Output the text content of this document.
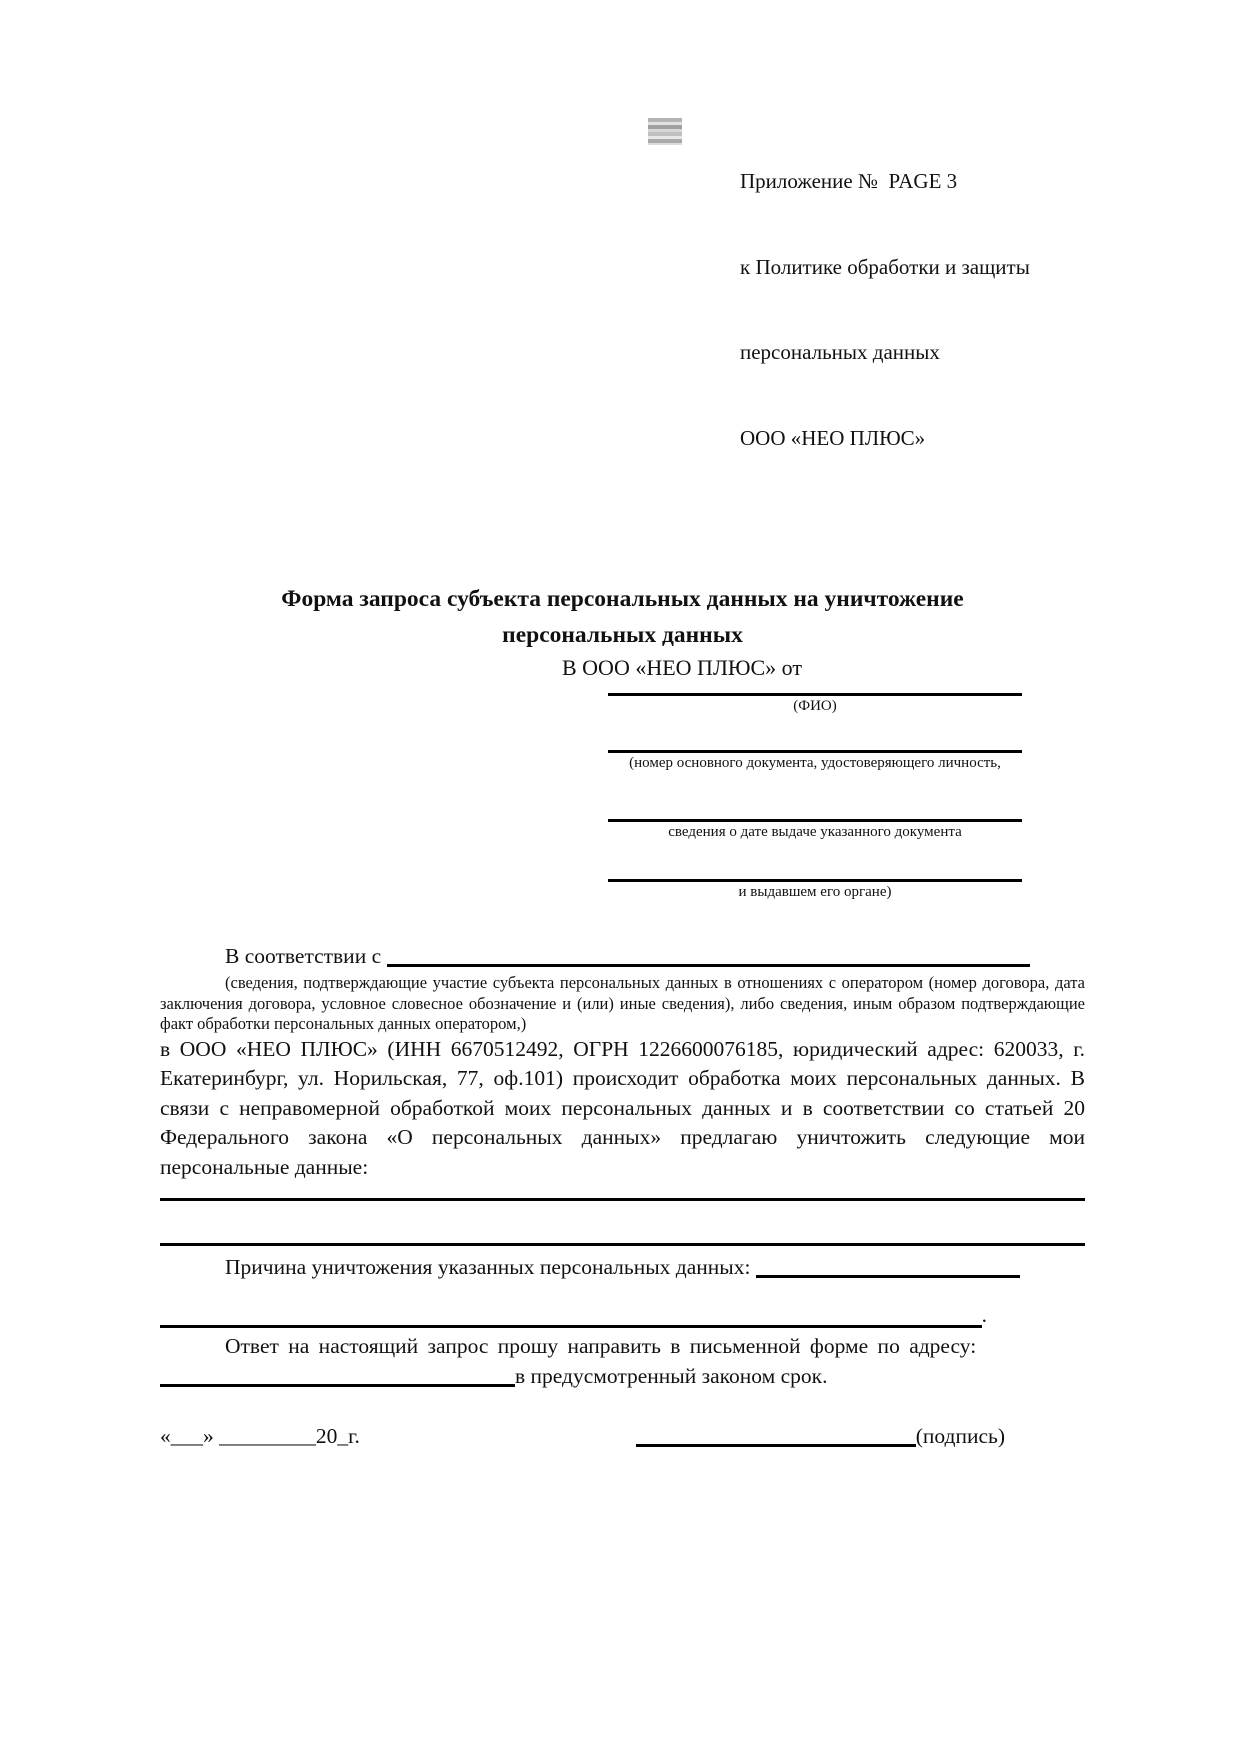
Приложение №  PAGE 3

к Политике обработки и защиты

персональных данных

ООО «НЕО ПЛЮС»

Форма запроса субъекта персональных данных на уничтожение
персональных данных
В ООО «НЕО ПЛЮС» от
(ФИО)
(номер основного документа, удостоверяющего личность,
сведения о дате выдаче указанного документа
и выдавшем его органе)
В соответствии с

(сведения, подтверждающие участие субъекта персональных данных в отношениях с оператором (номер договора, дата заключения договора, условное словесное обозначение и (или) иные сведения), либо сведения, иным образом подтверждающие факт обработки персональных данных оператором,)

в ООО «НЕО ПЛЮС» (ИНН 6670512492, ОГРН 1226600076185, юридический адрес: 620033, г. Екатеринбург, ул. Норильская, 77, оф.101) происходит обработка моих персональных данных. В связи с неправомерной обработкой моих персональных данных и в соответствии со статьей 20 Федерального закона «О персональных данных» предлагаю уничтожить следующие мои персональные данные:

Причина уничтожения указанных персональных данных:
.

Ответ на настоящий запрос прошу направить в письменной форме по адресу:

в предусмотренный законом срок.
«___» _________20_г.	(подпись)
